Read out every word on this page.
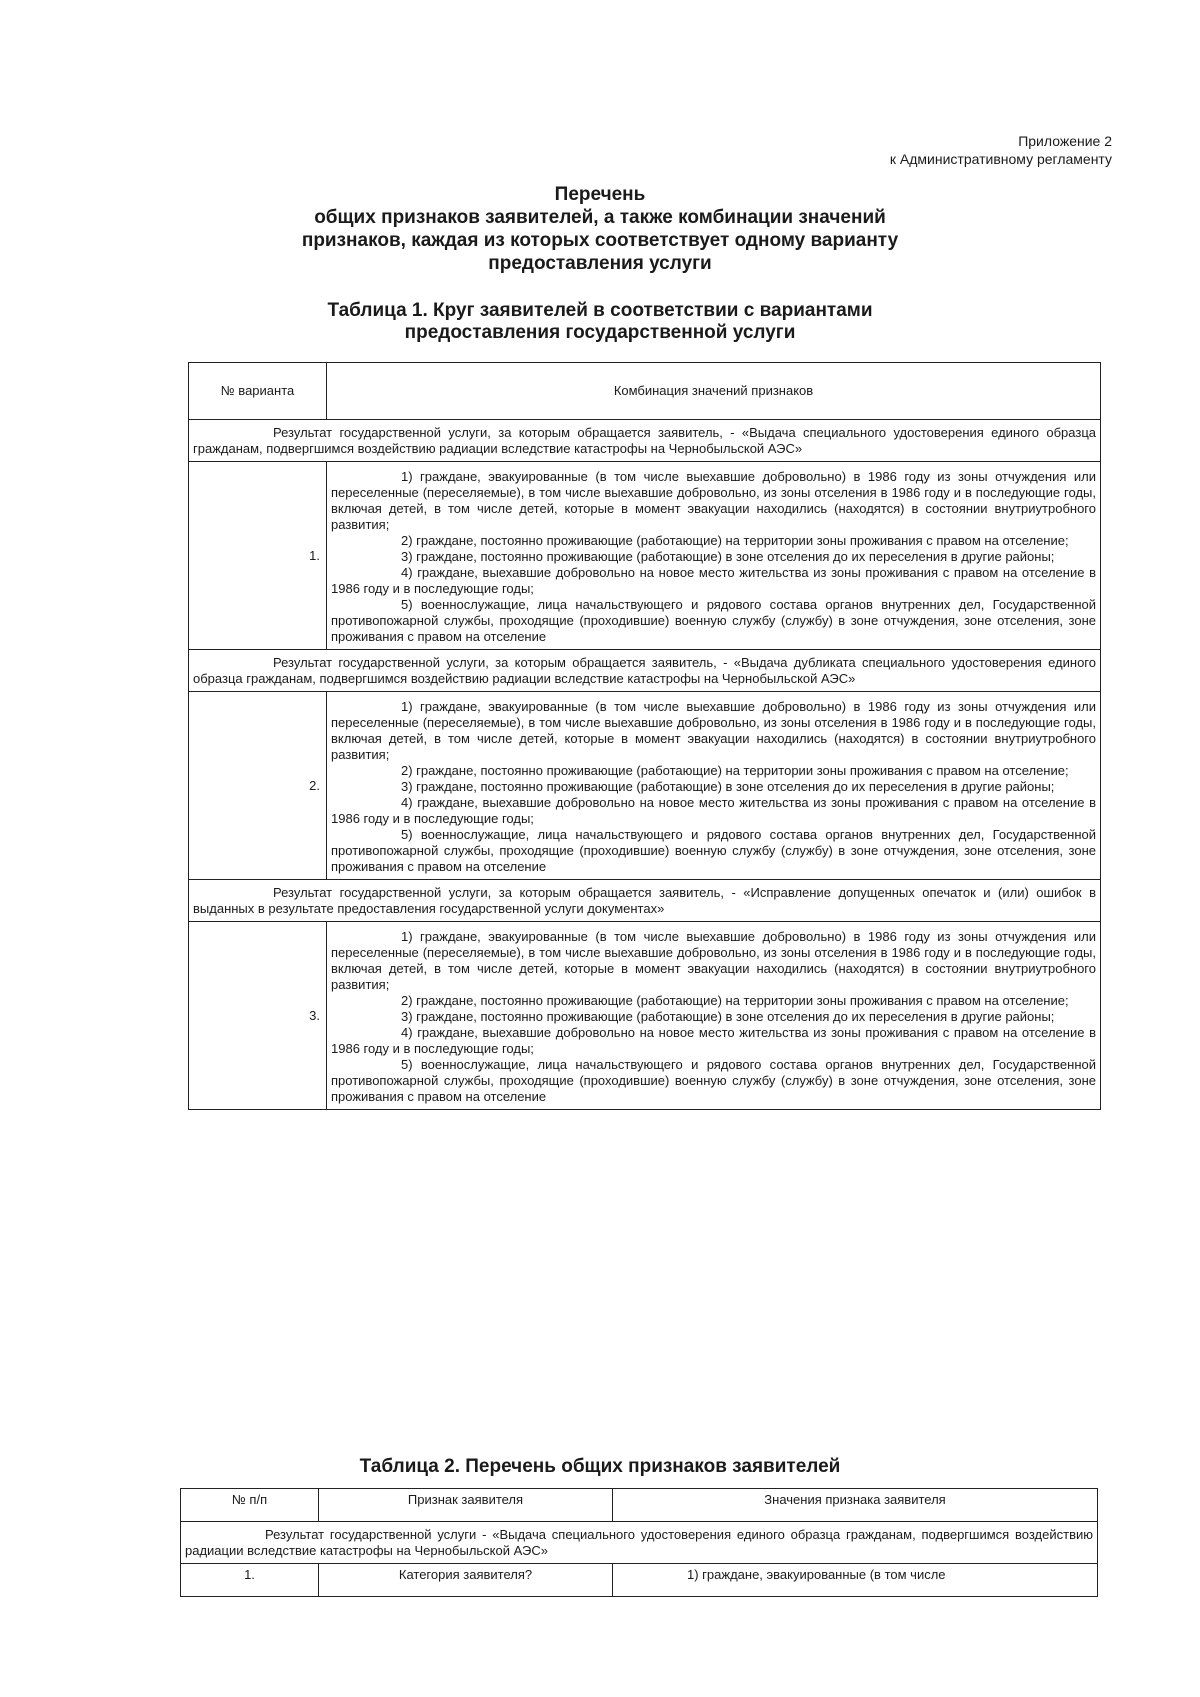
Приложение 2
к Административному регламенту
Перечень
общих признаков заявителей, а также комбинации значений
признаков, каждая из которых соответствует одному варианту
предоставления услуги
Таблица 1. Круг заявителей в соответствии с вариантами
предоставления государственной услуги
№ варианта	Комбинация значений признаков
Результат государственной услуги, за которым обращается заявитель, - «Выдача специального удостоверения единого образца гражданам, подвергшимся воздействию радиации вследствие катастрофы на Чернобыльской АЭС»	
1.	1) граждане, эвакуированные (в том числе выехавшие добровольно) в 1986 году из зоны отчуждения или переселенные (переселяемые), в том числе выехавшие добровольно, из зоны отселения в 1986 году и в последующие годы, включая детей, в том числе детей, которые в момент эвакуации находились (находятся) в состоянии внутриутробного развития;

2) граждане, постоянно проживающие (работающие) на территории зоны проживания с правом на отселение;

3) граждане, постоянно проживающие (работающие) в зоне отселения до их переселения в другие районы;

4) граждане, выехавшие добровольно на новое место жительства из зоны проживания с правом на отселение в 1986 году и в последующие годы;

5) военнослужащие, лица начальствующего и рядового состава органов внутренних дел, Государственной противопожарной службы, проходящие (проходившие) военную службу (службу) в зоне отчуждения, зоне отселения, зоне проживания с правом на отселение

Результат государственной услуги, за которым обращается заявитель, - «Выдача дубликата специального удостоверения единого образца гражданам, подвергшимся воздействию радиации вследствие катастрофы на Чернобыльской АЭС»	
2.	1) граждане, эвакуированные (в том числе выехавшие добровольно) в 1986 году из зоны отчуждения или переселенные (переселяемые), в том числе выехавшие добровольно, из зоны отселения в 1986 году и в последующие годы, включая детей, в том числе детей, которые в момент эвакуации находились (находятся) в состоянии внутриутробного развития;

2) граждане, постоянно проживающие (работающие) на территории зоны проживания с правом на отселение;

3) граждане, постоянно проживающие (работающие) в зоне отселения до их переселения в другие районы;

4) граждане, выехавшие добровольно на новое место жительства из зоны проживания с правом на отселение в 1986 году и в последующие годы;

5) военнослужащие, лица начальствующего и рядового состава органов внутренних дел, Государственной противопожарной службы, проходящие (проходившие) военную службу (службу) в зоне отчуждения, зоне отселения, зоне проживания с правом на отселение

Результат государственной услуги, за которым обращается заявитель, - «Исправление допущенных опечаток и (или) ошибок в выданных в результате предоставления государственной услуги документах»	
3.	1) граждане, эвакуированные (в том числе выехавшие добровольно) в 1986 году из зоны отчуждения или переселенные (переселяемые), в том числе выехавшие добровольно, из зоны отселения в 1986 году и в последующие годы, включая детей, в том числе детей, которые в момент эвакуации находились (находятся) в состоянии внутриутробного развития;

2) граждане, постоянно проживающие (работающие) на территории зоны проживания с правом на отселение;

3) граждане, постоянно проживающие (работающие) в зоне отселения до их переселения в другие районы;

4) граждане, выехавшие добровольно на новое место жительства из зоны проживания с правом на отселение в 1986 году и в последующие годы;

5) военнослужащие, лица начальствующего и рядового состава органов внутренних дел, Государственной противопожарной службы, проходящие (проходившие) военную службу (службу) в зоне отчуждения, зоне отселения, зоне проживания с правом на отселение

Таблица 2. Перечень общих признаков заявителей
№ п/п	Признак заявителя	Значения признака заявителя
Результат государственной услуги - «Выдача специального удостоверения единого образца гражданам, подвергшимся воздействию радиации вследствие катастрофы на Чернобыльской АЭС»		
1.	Категория заявителя?	1) граждане, эвакуированные (в том числе
